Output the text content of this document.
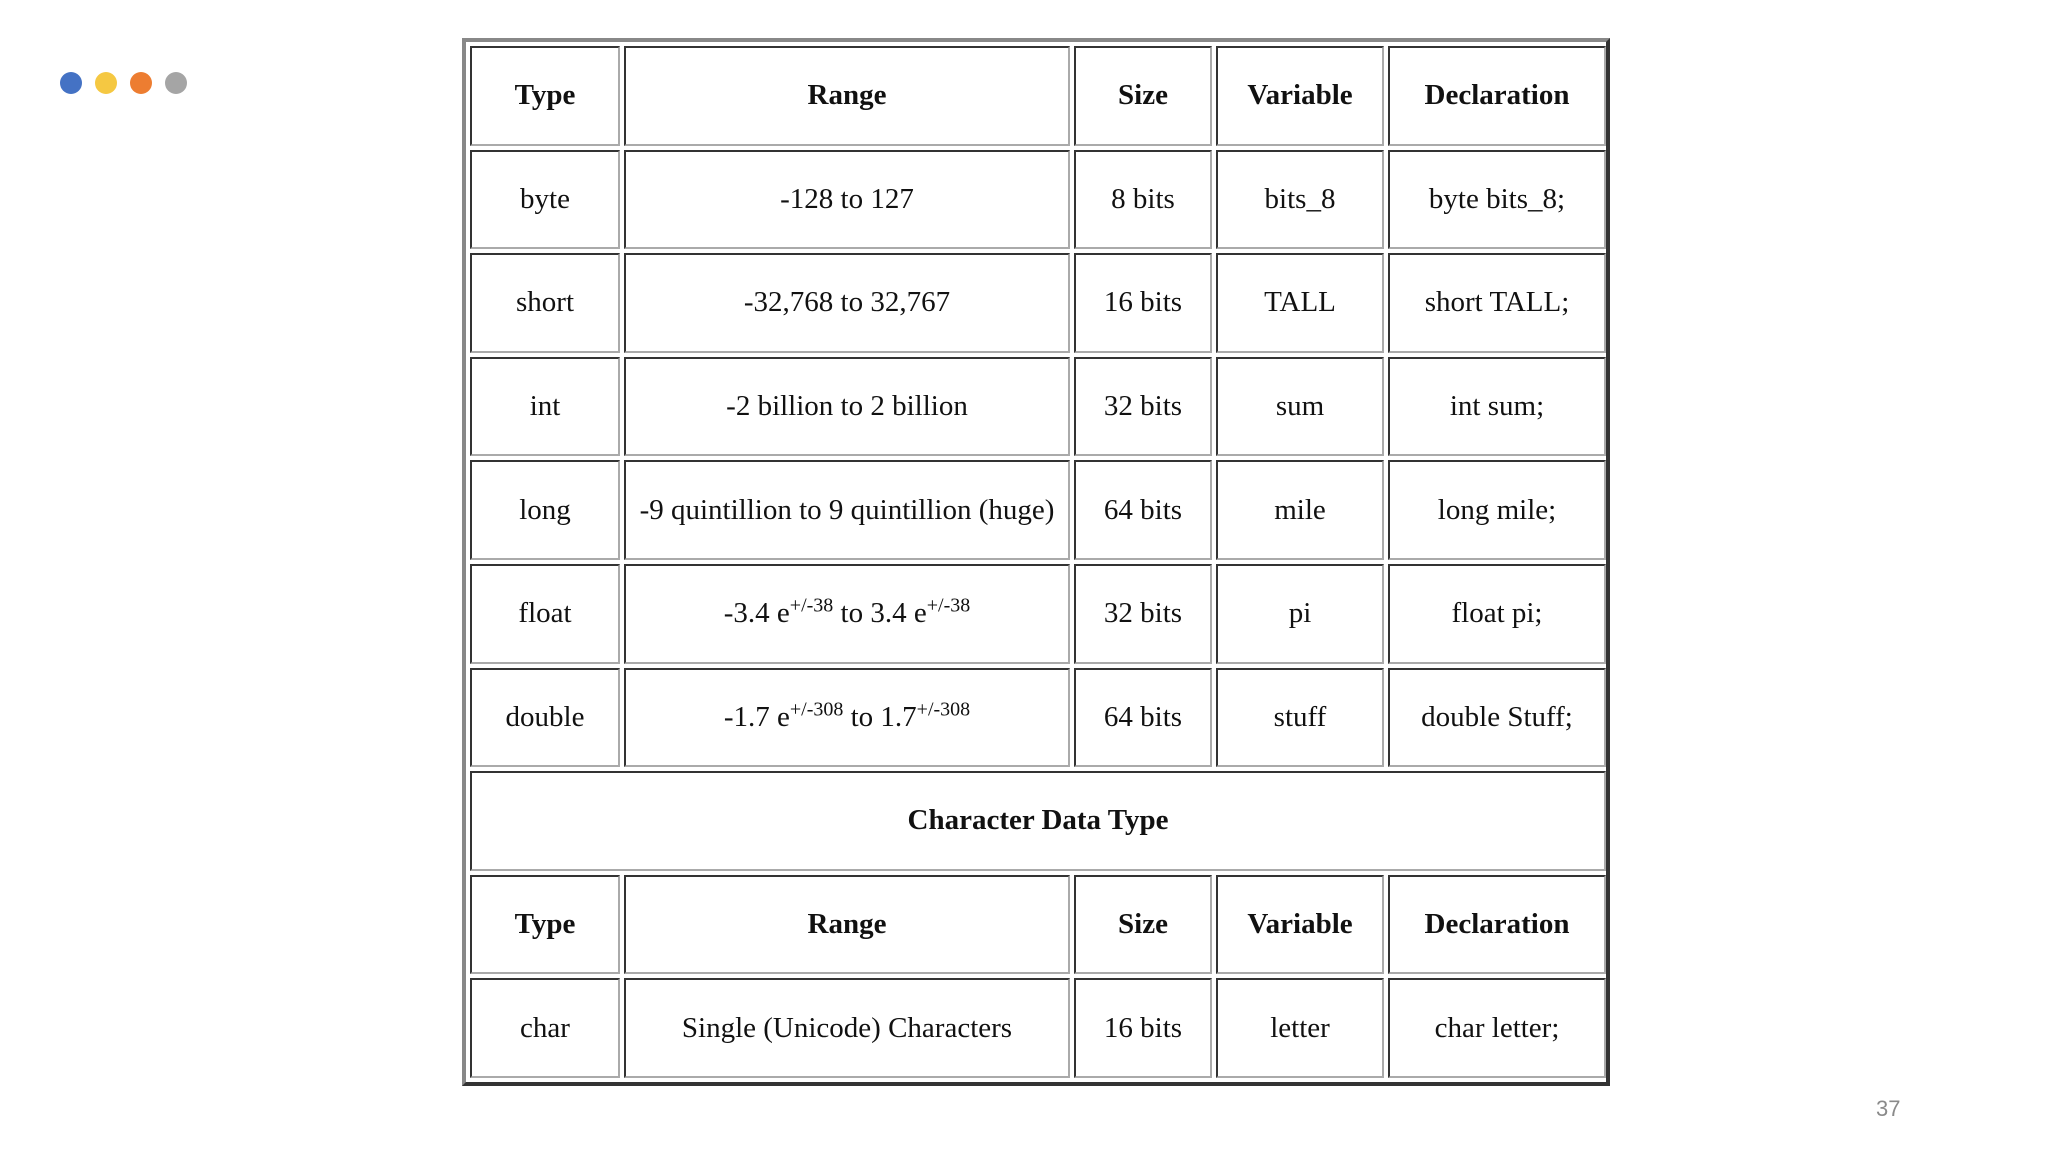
Type	Range	Size	Variable	Declaration
byte	-128 to 127	8 bits	bits_8	byte bits_8;
short	-32,768 to 32,767	16 bits	TALL	short TALL;
int	-2 billion to 2 billion	32 bits	sum	int sum;
long	-9 quintillion to 9 quintillion (huge)	64 bits	mile	long mile;
float	-3.4 $e^{+/-38}$ to 3.4 $e^{+/-38}$	32 bits	pi	float pi;
double	-1.7 $e^{+/-308}$ to $1.7^{+/-308}$	64 bits	stuff	double Stuff;
Character Data Type				
Type	Range	Size	Variable	Declaration
char	Single (Unicode) Characters	16 bits	letter	char letter;
37
